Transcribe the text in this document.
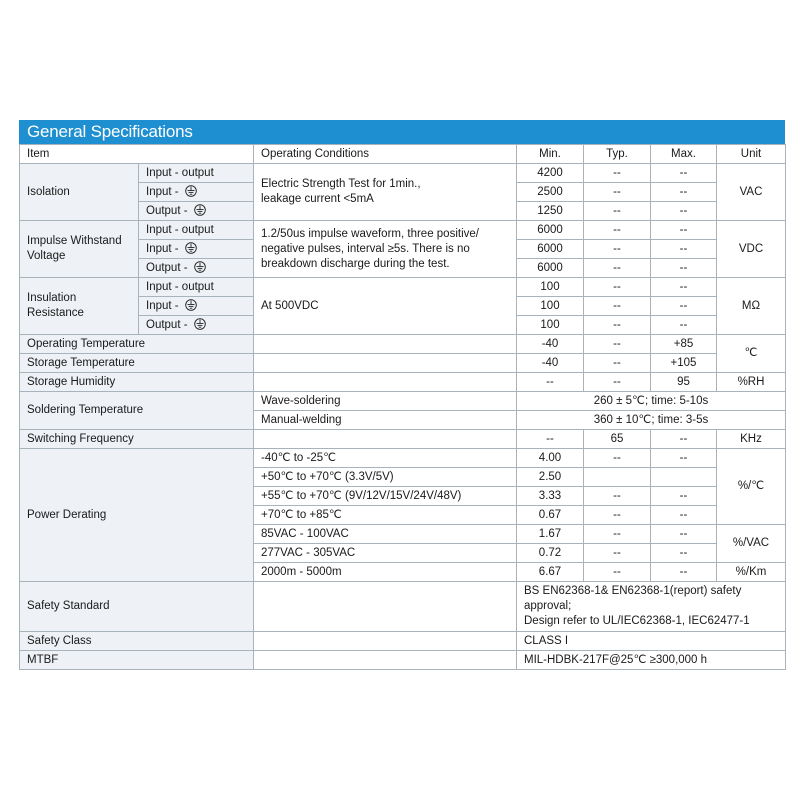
General Specifications
Item		Operating Conditions	Min.	Typ.	Max.	Unit
Isolation	Input - output	Electric Strength Test for 1min.,
leakage current <5mA	4200	--	--	VAC
	Input -		2500	--	--	
	Output -		1250	--	--	
Impulse Withstand
Voltage	Input - output	1.2/50us impulse waveform, three positive/
negative pulses, interval ≥5s. There is no
breakdown discharge during the test.	6000	--	--	VDC
	Input -		6000	--	--	
	Output -		6000	--	--	
Insulation
Resistance	Input - output	At 500VDC	100	--	--	MΩ
	Input -		100	--	--	
	Output -		100	--	--	
Operating Temperature			-40	--	+85	℃
Storage Temperature			-40	--	+105	
Storage Humidity			--	--	95	%RH
Soldering Temperature		Wave-soldering	260 ± 5℃; time: 5-10s			
		Manual-welding	360 ± 10℃; time: 3-5s			
Switching Frequency			--	65	--	KHz
Power Derating		-40℃ to -25℃	4.00	--	--	%/℃
		+50℃ to +70℃ (3.3V/5V)	2.50			
		+55℃ to +70℃ (9V/12V/15V/24V/48V)	3.33	--	--	
		+70℃ to +85℃	0.67	--	--	
		85VAC - 100VAC	1.67	--	--	%/VAC
		277VAC - 305VAC	0.72	--	--	
		2000m - 5000m	6.67	--	--	%/Km
Safety Standard			BS EN62368-1& EN62368-1(report) safety
approval;
Design refer to UL/IEC62368-1, IEC62477-1			
Safety Class			CLASS I			
MTBF			MIL-HDBK-217F@25℃ ≥300,000 h			
